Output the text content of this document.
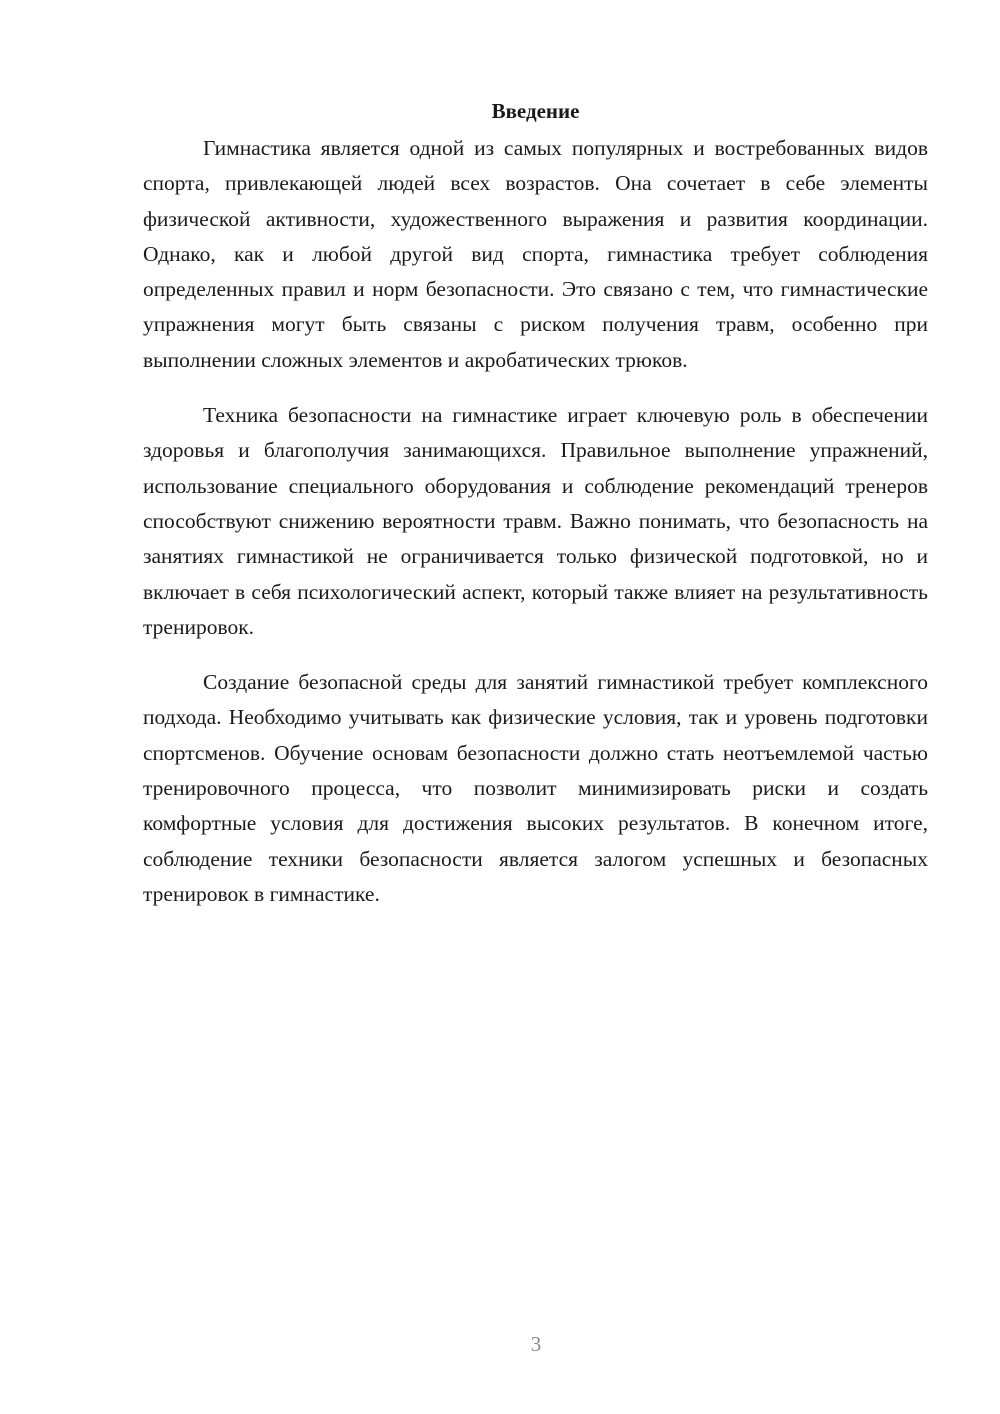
Введение

Гимнастика является одной из самых популярных и востребованных видов спорта, привлекающей людей всех возрастов. Она сочетает в себе элементы физической активности, художественного выражения и развития координации. Однако, как и любой другой вид спорта, гимнастика требует соблюдения определенных правил и норм безопасности. Это связано с тем, что гимнастические упражнения могут быть связаны с риском получения травм, особенно при выполнении сложных элементов и акробатических трюков.

Техника безопасности на гимнастике играет ключевую роль в обеспечении здоровья и благополучия занимающихся. Правильное выполнение упражнений, использование специального оборудования и соблюдение рекомендаций тренеров способствуют снижению вероятности травм. Важно понимать, что безопасность на занятиях гимнастикой не ограничивается только физической подготовкой, но и включает в себя психологический аспект, который также влияет на результативность тренировок.

Создание безопасной среды для занятий гимнастикой требует комплексного подхода. Необходимо учитывать как физические условия, так и уровень подготовки спортсменов. Обучение основам безопасности должно стать неотъемлемой частью тренировочного процесса, что позволит минимизировать риски и создать комфортные условия для достижения высоких результатов. В конечном итоге, соблюдение техники безопасности является залогом успешных и безопасных тренировок в гимнастике.

3
